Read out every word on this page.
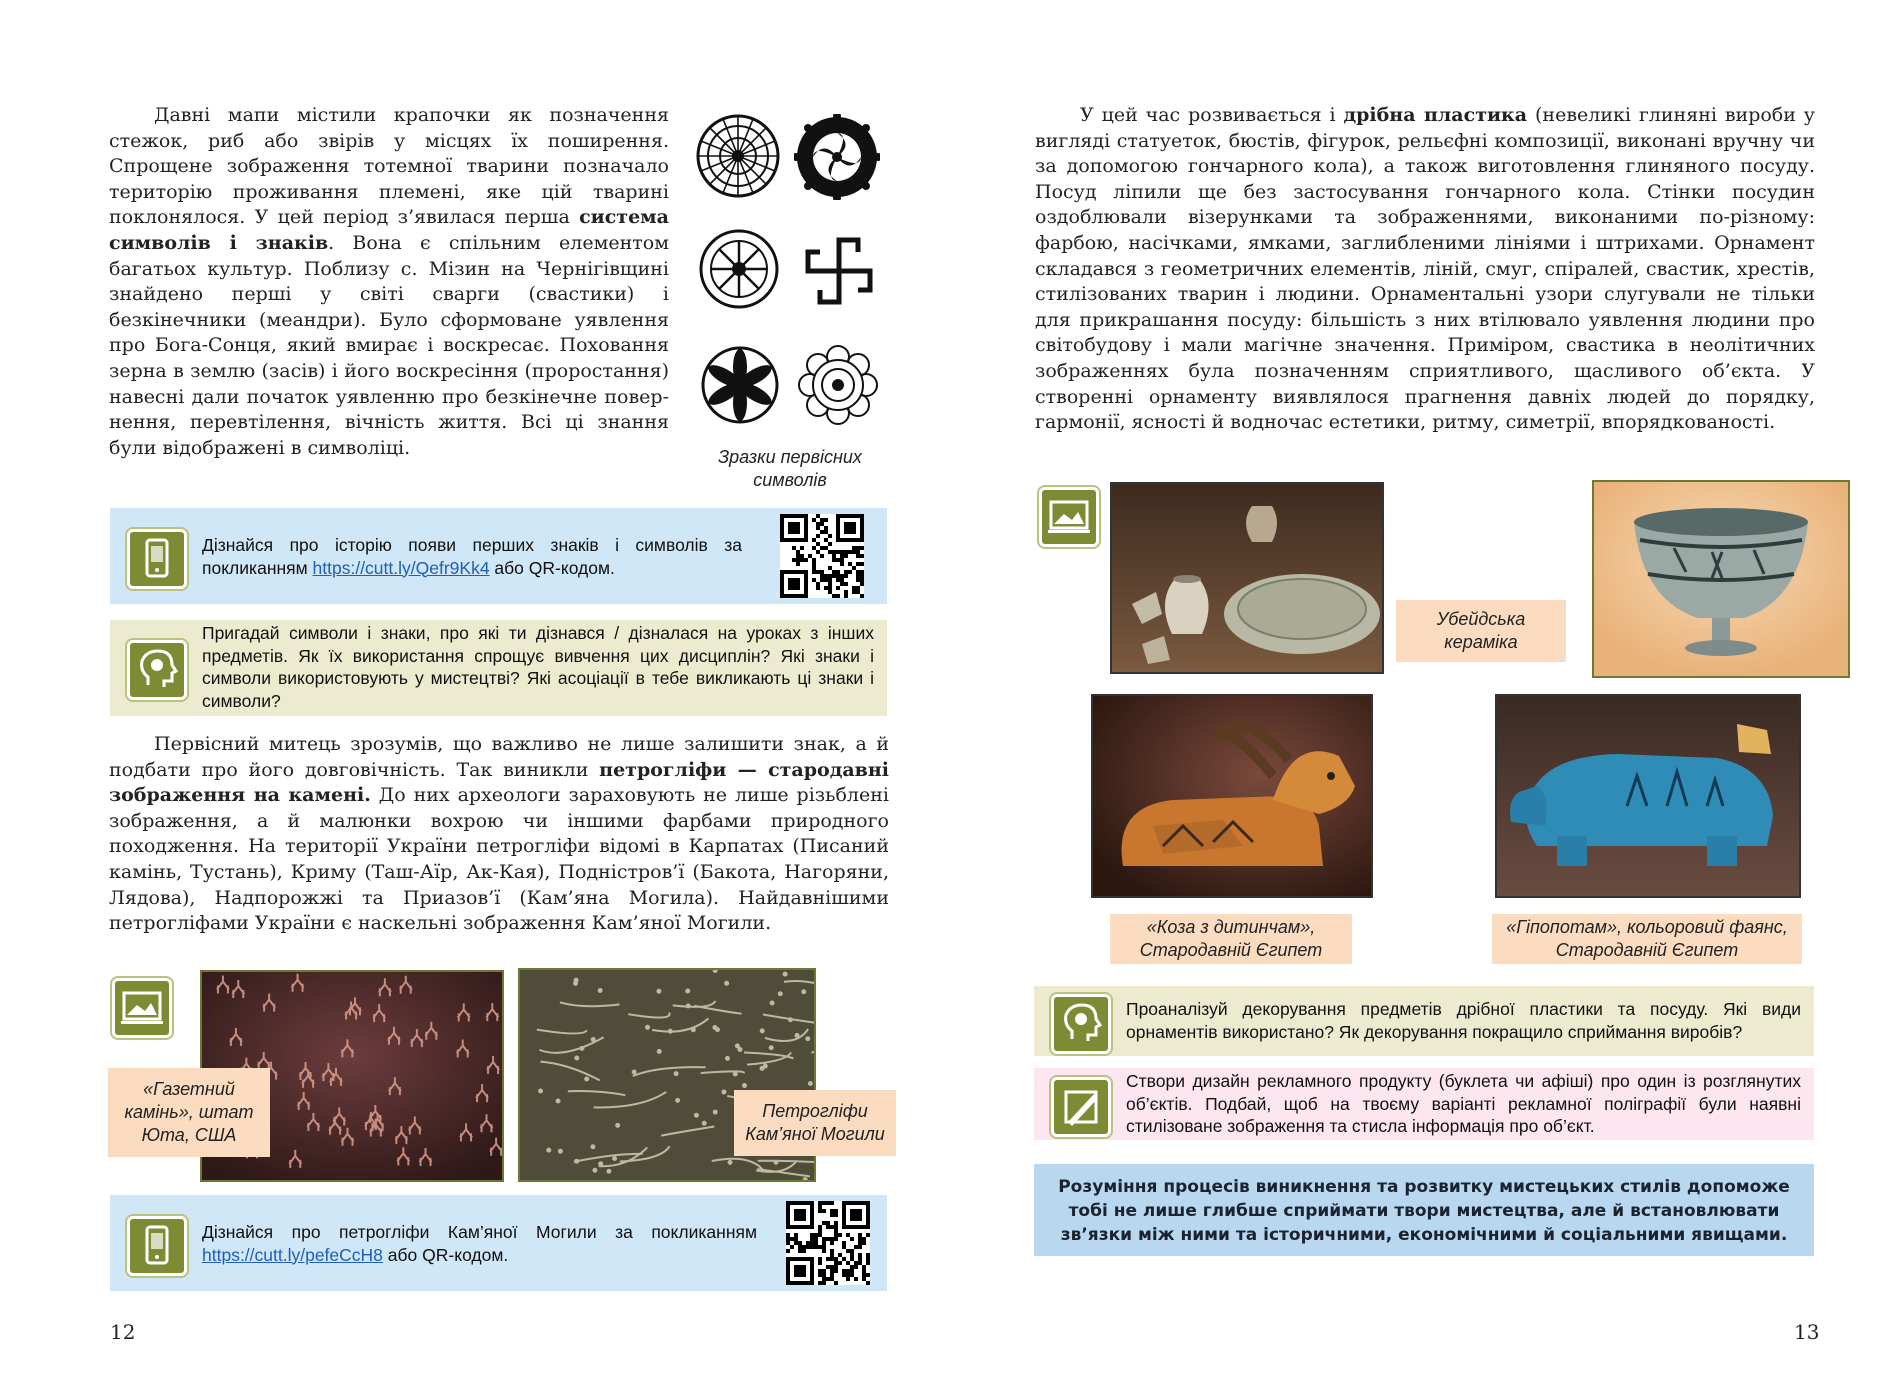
Давні мапи містили крапочки як позначення стежок, риб або звірів у місцях їх поширення. Спрощене зображення тотемної тварини позначало територію проживання племені, яке цій тварині поклонялося. У цей період з’явилася перша система символів і знаків. Вона є спільним елементом багатьох культур. Поблизу с. Мізин на Чернігівщині знайдено перші у світі сварги (свастики) і безкінечники (меандри). Було сформоване уявлення про Бога-Сонця, який вмирає і воскресає. Поховання зерна в землю (засів) і його воскресіння (проростання) навесні дали початок уявленню про безкінечне повернення, перевтілення, вічність життя. Всі ці знання були відображені в символіці.	Зразки первісних символів
Дізнайся про історію появи перших знаків і символів за покликанням https://cutt.ly/Qefr9Kk4 або QR-кодом.
Пригадай символи і знаки, про які ти дізнався / дізналася на уроках з інших предметів. Як їх використання спрощує вивчення цих дисциплін? Які знаки і символи використовують у мистецтві? Які асоціації в тебе викликають ці знаки і символи?

Первісний митець зрозумів, що важливо не лише залишити знак, а й подбати про його довговічність. Так виникли петрогліфи — стародавні зображення на камені. До них археологи зараховують не лише різьблені зображення, а й малюнки вохрою чи іншими фарбами природного походження. На території України петрогліфи відомі в Карпатах (Писаний камінь, Тустань), Криму (Таш-Аїр, Ак-Кая), Подністров’ї (Бакота, Нагоряни, Лядова), Надпорожжі та Приазов’ї (Кам’яна Могила). Найдавнішими петрогліфами України є наскельні зображення Кам’яної Могили.

«Газетний камінь», штат Юта, США
Петрогліфи Кам’яної Могили
Дізнайся про петрогліфи Кам’яної Могили за покликанням https://cutt.ly/pefeCcH8 або QR-кодом.
12

У цей час розвивається і дрібна пластика (невеликі глиняні вироби у вигляді статуеток, бюстів, фігурок, рельєфні композиції, виконані вручну чи за допомогою гончарного кола), а також виготовлення глиняного посуду. Посуд ліпили ще без застосування гончарного кола. Стінки посудин оздоблювали візерунками та зображеннями, виконаними по-різному: фарбою, насічками, ямками, заглибленими лініями і штрихами. Орнамент складався з геометричних елементів, ліній, смуг, спіралей, свастик, хрестів, стилізованих тварин і людини. Орнаментальні узори слугували не тільки для прикрашання посуду: більшість з них втілювало уявлення людини про світобудову і мали магічне значення. Приміром, свастика в неолітичних зображеннях була позначенням сприятливого, щасливого об’єкта. У створенні орнаменту виявлялося прагнення давніх людей до порядку, гармонії, ясності й водночас естетики, ритму, симетрії, впорядкованості.

Убейдська кераміка
«Коза з дитинчам», Стародавній Єгипет
«Гіпопотам», кольоровий фаянс, Стародавній Єгипет
Проаналізуй декорування предметів дрібної пластики та посуду. Які види орнаментів використано? Як декорування покращило сприймання виробів?
Створи дизайн рекламного продукту (буклета чи афіші) про один із розглянутих об’єктів. Подбай, щоб на твоєму варіанті рекламної поліграфії були наявні стилізоване зображення та стисла інформація про об’єкт.
Розуміння процесів виникнення та розвитку мистецьких стилів допоможе тобі не лише глибше сприймати твори мистецтва, але й встановлювати зв’язки між ними та історичними, економічними й соціальними явищами.
13
